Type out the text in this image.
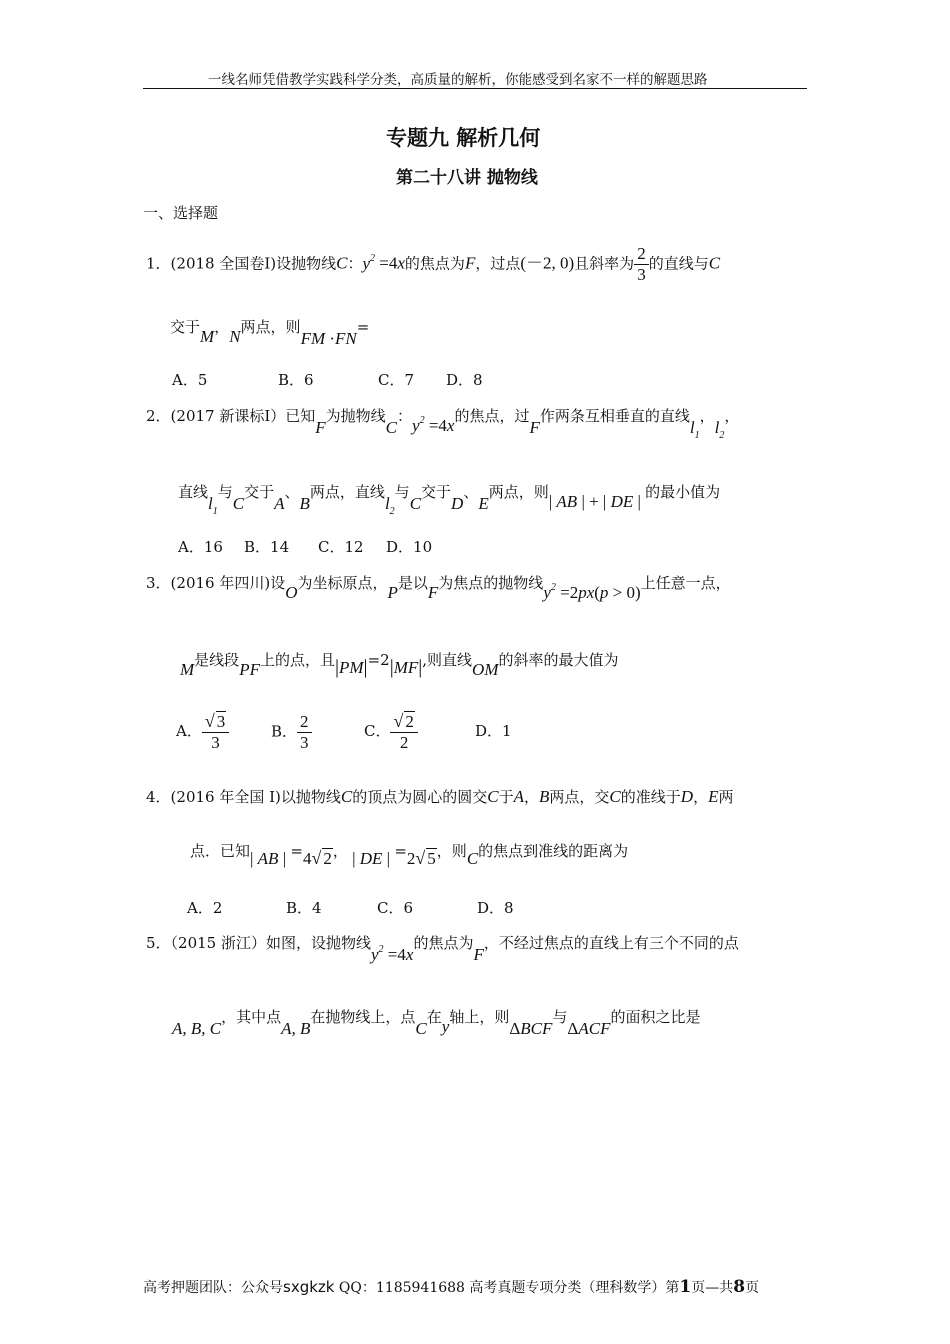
一线名师凭借教学实践科学分类，高质量的解析，你能感受到名家不一样的解题思路
专题九 解析几何
第二十八讲 抛物线
一、选择题
1．(2018 全国卷Ⅰ)设抛物线C：$y^2 =4x$的焦点为F，过点(－2, 0)且斜率为 $\frac{2}{3}$ 的直线与C
交于M，N两点，则FM ·FN=
A．5	B．6	C．7 D．8
2．(2017 新课标Ⅰ）已知F为抛物线C：$y^2 =4x$的焦点，过F作两条互相垂直的直线$l_1$，$l_2$，
直线$l_1$与C交于A、B两点，直线$l_2$与C交于D、E两点，则| AB | + | DE | 的最小值为
A．16 B．14 C．12 D．10
3．(2016 年四川)设O为坐标原点，P是以F为焦点的抛物线$y^2 =2px(p > 0)$上任意一点，
M是线段PF上的点，且|PM|=2|MF|,则直线OM的斜率的最大值为
A． $\frac{√ 3}{3}$	B． $\frac{2}{3}$	C． $\frac{√ 2}{2}$	D．1
4．(2016 年全国 I)以抛物线C的顶点为圆心的圆交C于A，B两点，交C的准线于D，E两
点．已知| AB | =4√ 2， | DE | =2√ 5，则C的焦点到准线的距离为
A．2	B．4	C．6	D．8
5．（2015 浙江）如图，设抛物线$y^2 =4x$的焦点为F，不经过焦点的直线上有三个不同的点
A, B, C，其中点A, B在抛物线上，点C在y轴上，则ΔBCF与ΔACF的面积之比是
高考押题团队：公众号sxgkzk QQ：1185941688 高考真题专项分类（理科数学）第1页—共8页
